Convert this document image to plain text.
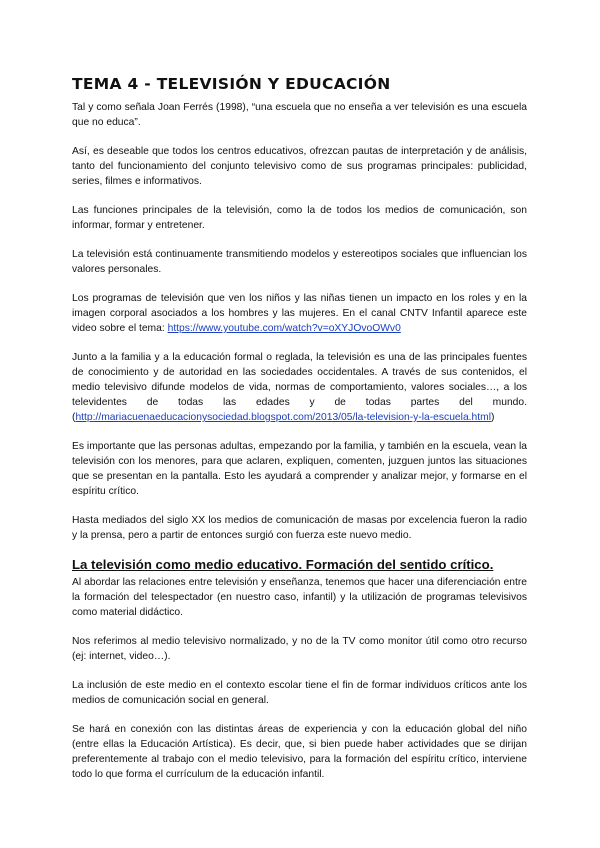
TEMA 4 - TELEVISIÓN Y EDUCACIÓN

Tal y como señala Joan Ferrés (1998), “una escuela que no enseña a ver televisión es una escuela que no educa”.

Así, es deseable que todos los centros educativos, ofrezcan pautas de interpretación y de análisis, tanto del funcionamiento del conjunto televisivo como de sus programas principales: publicidad, series, filmes e informativos.

Las funciones principales de la televisión, como la de todos los medios de comunicación, son informar, formar y entretener.

La televisión está continuamente transmitiendo modelos y estereotipos sociales que influencian los valores personales.

Los programas de televisión que ven los niños y las niñas tienen un impacto en los roles y en la imagen corporal asociados a los hombres y las mujeres. En el canal CNTV Infantil aparece este video sobre el tema: https://www.youtube.com/watch?v=oXYJOvoOWv0

Junto a la familia y a la educación formal o reglada, la televisión es una de las principales fuentes de conocimiento y de autoridad en las sociedades occidentales. A través de sus contenidos, el medio televisivo difunde modelos de vida, normas de comportamiento, valores sociales…, a los televidentes de todas las edades y de todas partes del mundo. (http://mariacuenaeducacionysociedad.blogspot.com/2013/05/la-television-y-la-escuela.html)

Es importante que las personas adultas, empezando por la familia, y también en la escuela, vean la televisión con los menores, para que aclaren, expliquen, comenten, juzguen juntos las situaciones que se presentan en la pantalla. Esto les ayudará a comprender y analizar mejor, y formarse en el espíritu crítico.

Hasta mediados del siglo XX los medios de comunicación de masas por excelencia fueron la radio y la prensa, pero a partir de entonces surgió con fuerza este nuevo medio.

La televisión como medio educativo. Formación del sentido crítico.

Al abordar las relaciones entre televisión y enseñanza, tenemos que hacer una diferenciación entre la formación del telespectador (en nuestro caso, infantil) y la utilización de programas televisivos como material didáctico.

Nos referimos al medio televisivo normalizado, y no de la TV como monitor útil como otro recurso (ej: internet, video…).

La inclusión de este medio en el contexto escolar tiene el fin de formar individuos críticos ante los medios de comunicación social en general.

Se hará en conexión con las distintas áreas de experiencia y con la educación global del niño (entre ellas la Educación Artística). Es decir, que, si bien puede haber actividades que se dirijan preferentemente al trabajo con el medio televisivo, para la formación del espíritu crítico, interviene todo lo que forma el currículum de la educación infantil.
